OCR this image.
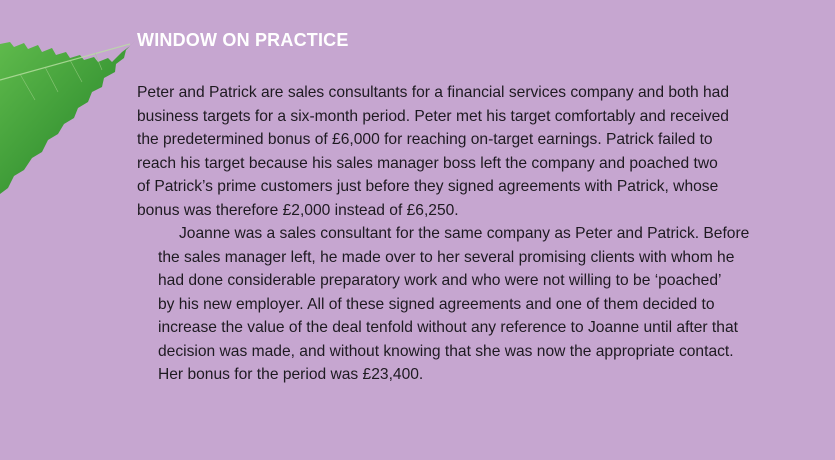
WINDOW ON PRACTICE

Peter and Patrick are sales consultants for a financial services company and both had
business targets for a six-month period. Peter met his target comfortably and received
the predetermined bonus of £6,000 for reaching on-target earnings. Patrick failed to
reach his target because his sales manager boss left the company and poached two
of Patrick’s prime customers just before they signed agreements with Patrick, whose
bonus was therefore £2,000 instead of £6,250.

Joanne was a sales consultant for the same company as Peter and Patrick. Before
the sales manager left, he made over to her several promising clients with whom he
had done considerable preparatory work and who were not willing to be ‘poached’
by his new employer. All of these signed agreements and one of them decided to
increase the value of the deal tenfold without any reference to Joanne until after that
decision was made, and without knowing that she was now the appropriate contact.
Her bonus for the period was £23,400.
